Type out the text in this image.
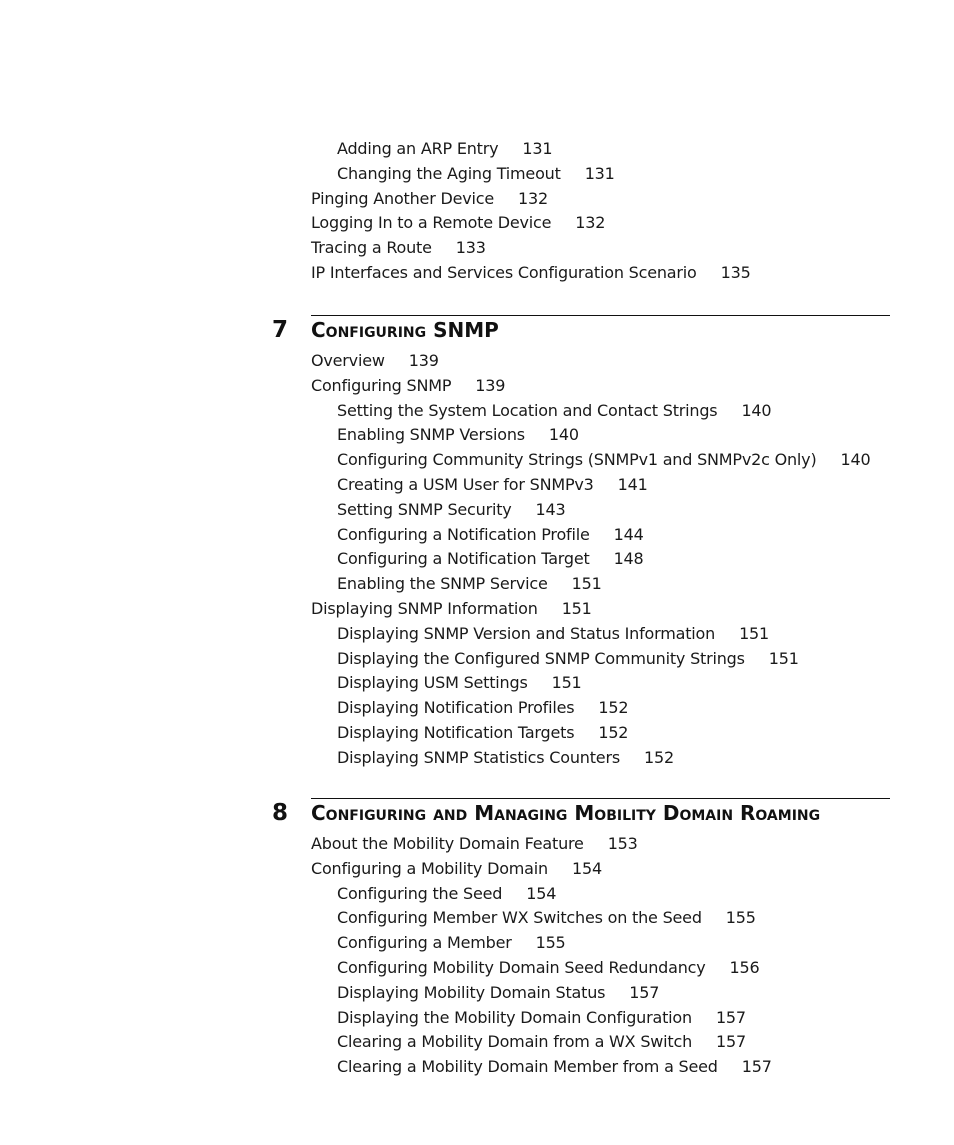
Adding an ARP Entry 131
Changing the Aging Timeout 131
Pinging Another Device 132
Logging In to a Remote Device 132
Tracing a Route 133
IP Interfaces and Services Configuration Scenario 135
7 Configuring SNMP
Overview 139
Configuring SNMP 139
Setting the System Location and Contact Strings 140
Enabling SNMP Versions 140
Configuring Community Strings (SNMPv1 and SNMPv2c Only) 140
Creating a USM User for SNMPv3 141
Setting SNMP Security 143
Configuring a Notification Profile 144
Configuring a Notification Target 148
Enabling the SNMP Service 151
Displaying SNMP Information 151
Displaying SNMP Version and Status Information 151
Displaying the Configured SNMP Community Strings 151
Displaying USM Settings 151
Displaying Notification Profiles 152
Displaying Notification Targets 152
Displaying SNMP Statistics Counters 152
8 Configuring and Managing Mobility Domain Roaming
About the Mobility Domain Feature 153
Configuring a Mobility Domain 154
Configuring the Seed 154
Configuring Member WX Switches on the Seed 155
Configuring a Member 155
Configuring Mobility Domain Seed Redundancy 156
Displaying Mobility Domain Status 157
Displaying the Mobility Domain Configuration 157
Clearing a Mobility Domain from a WX Switch 157
Clearing a Mobility Domain Member from a Seed 157
